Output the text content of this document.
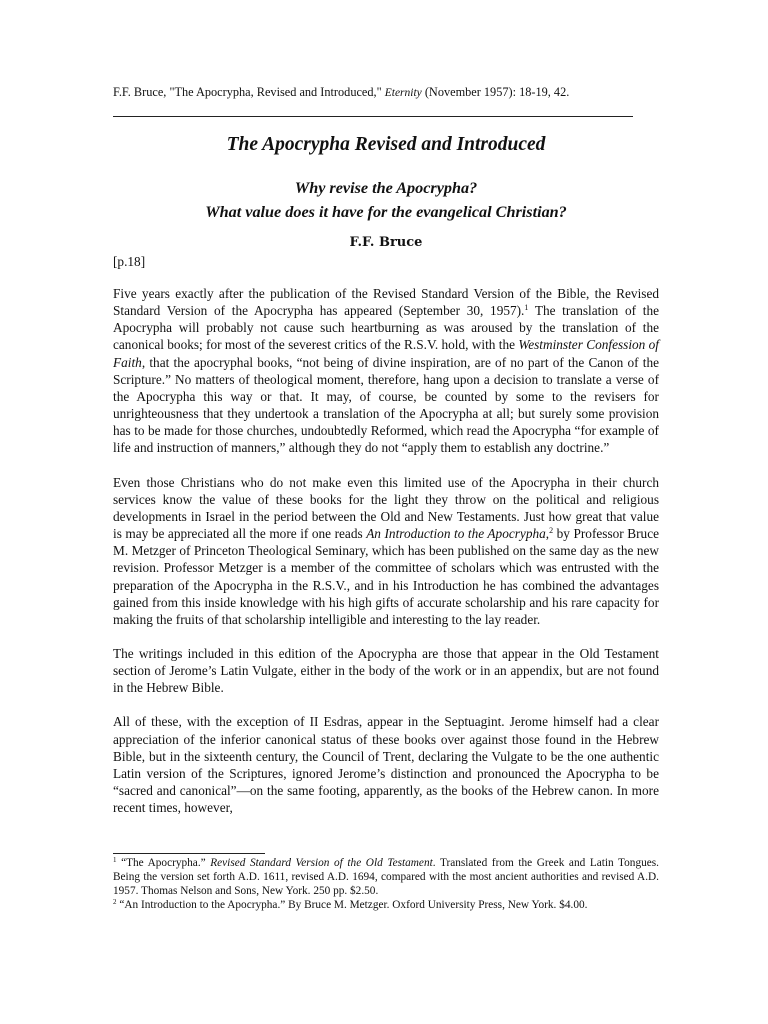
F.F. Bruce, "The Apocrypha, Revised and Introduced," Eternity (November 1957): 18-19, 42.
The Apocrypha Revised and Introduced
Why revise the Apocrypha?
What value does it have for the evangelical Christian?
F.F. Bruce
[p.18]

Five years exactly after the publication of the Revised Standard Version of the Bible, the Revised Standard Version of the Apocrypha has appeared (September 30, 1957).$^1$ The translation of the Apocrypha will probably not cause such heartburning as was aroused by the translation of the canonical books; for most of the severest critics of the R.S.V. hold, with the Westminster Confession of Faith, that the apocryphal books, “not being of divine inspiration, are of no part of the Canon of the Scripture.” No matters of theological moment, therefore, hang upon a decision to translate a verse of the Apocrypha this way or that. It may, of course, be counted by some to the revisers for unrighteousness that they undertook a translation of the Apocrypha at all; but surely some provision has to be made for those churches, undoubtedly Reformed, which read the Apocrypha “for example of life and instruction of manners,” although they do not “apply them to establish any doctrine.”

Even those Christians who do not make even this limited use of the Apocrypha in their church services know the value of these books for the light they throw on the political and religious developments in Israel in the period between the Old and New Testaments. Just how great that value is may be appreciated all the more if one reads An Introduction to the Apocrypha,$^2$ by Professor Bruce M. Metzger of Princeton Theological Seminary, which has been published on the same day as the new revision. Professor Metzger is a member of the committee of scholars which was entrusted with the preparation of the Apocrypha in the R.S.V., and in his Introduction he has combined the advantages gained from this inside knowledge with his high gifts of accurate scholarship and his rare capacity for making the fruits of that scholarship intelligible and interesting to the lay reader.

The writings included in this edition of the Apocrypha are those that appear in the Old Testament section of Jerome’s Latin Vulgate, either in the body of the work or in an appendix, but are not found in the Hebrew Bible.

All of these, with the exception of II Esdras, appear in the Septuagint. Jerome himself had a clear appreciation of the inferior canonical status of these books over against those found in the Hebrew Bible, but in the sixteenth century, the Council of Trent, declaring the Vulgate to be the one authentic Latin version of the Scriptures, ignored Jerome’s distinction and pronounced the Apocrypha to be “sacred and canonical”—on the same footing, apparently, as the books of the Hebrew canon. In more recent times, however,

$^1$ “The Apocrypha.” Revised Standard Version of the Old Testament. Translated from the Greek and Latin Tongues. Being the version set forth A.D. 1611, revised A.D. 1694, compared with the most ancient authorities and revised A.D. 1957. Thomas Nelson and Sons, New York. 250 pp. $2.50.

$^2$ “An Introduction to the Apocrypha.” By Bruce M. Metzger. Oxford University Press, New York. $4.00.
